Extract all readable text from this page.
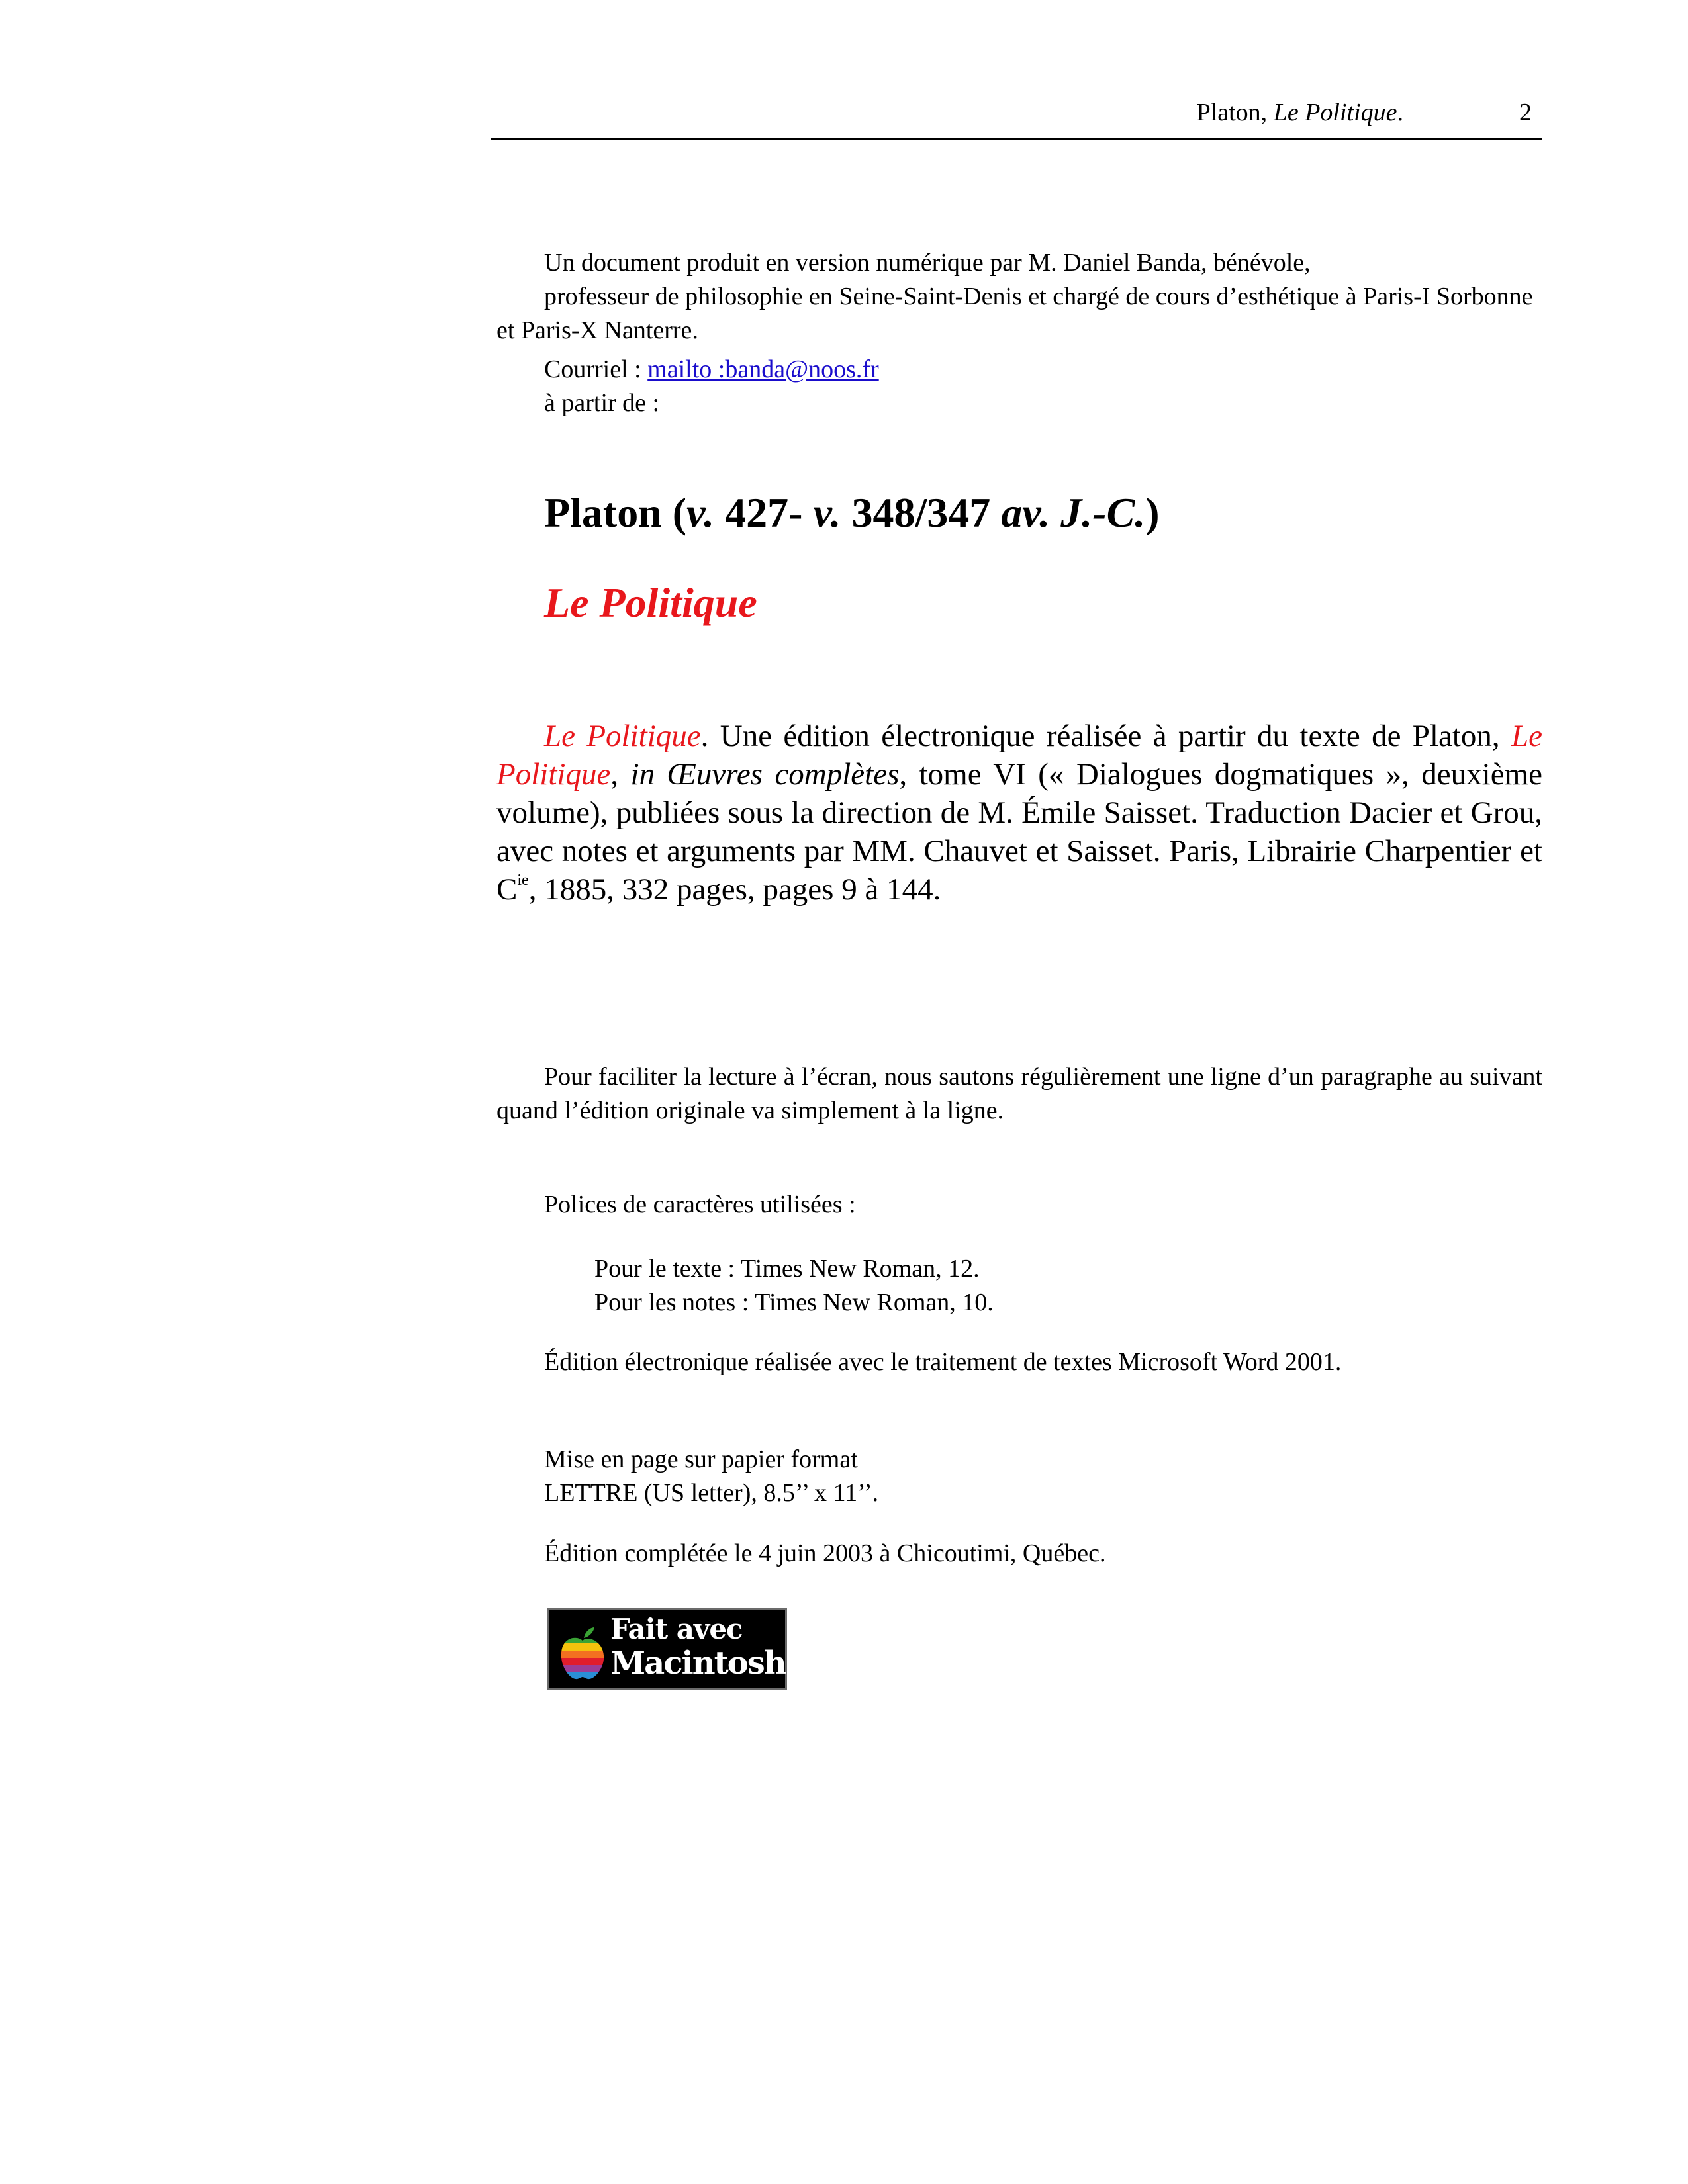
Platon, Le Politique.	2
Un document produit en version numérique par M. Daniel Banda, bénévole,
professeur de philosophie en Seine-Saint-Denis et chargé de cours d’esthétique à Paris-I Sorbonne et Paris-X Nanterre.
Courriel : mailto :banda@noos.fr
à partir de :
Platon (v. 427- v. 348/347 av. J.-C.)
Le Politique
Le Politique. Une édition électronique réalisée à partir du texte de Platon, Le Politique, in Œuvres complètes, tome VI (« Dialogues dogmatiques », deuxième volume), publiées sous la direction de M. Émile Saisset. Traduction Dacier et Grou, avec notes et arguments par MM. Chauvet et Saisset. Paris, Librairie Charpentier et $C^{ie}$, 1885, 332 pages, pages 9 à 144.
Pour faciliter la lecture à l’écran, nous sautons régulièrement une ligne d’un paragraphe au suivant quand l’édition originale va simplement à la ligne.
Polices de caractères utilisées :
Pour le texte : Times New Roman, 12.
Pour les notes : Times New Roman, 10.
Édition électronique réalisée avec le traitement de textes Microsoft Word 2001.
Mise en page sur papier format
LETTRE (US letter), 8.5’’ x 11’’.
Édition complétée le 4 juin 2003 à Chicoutimi, Québec.
Fait avec
Macintosh
